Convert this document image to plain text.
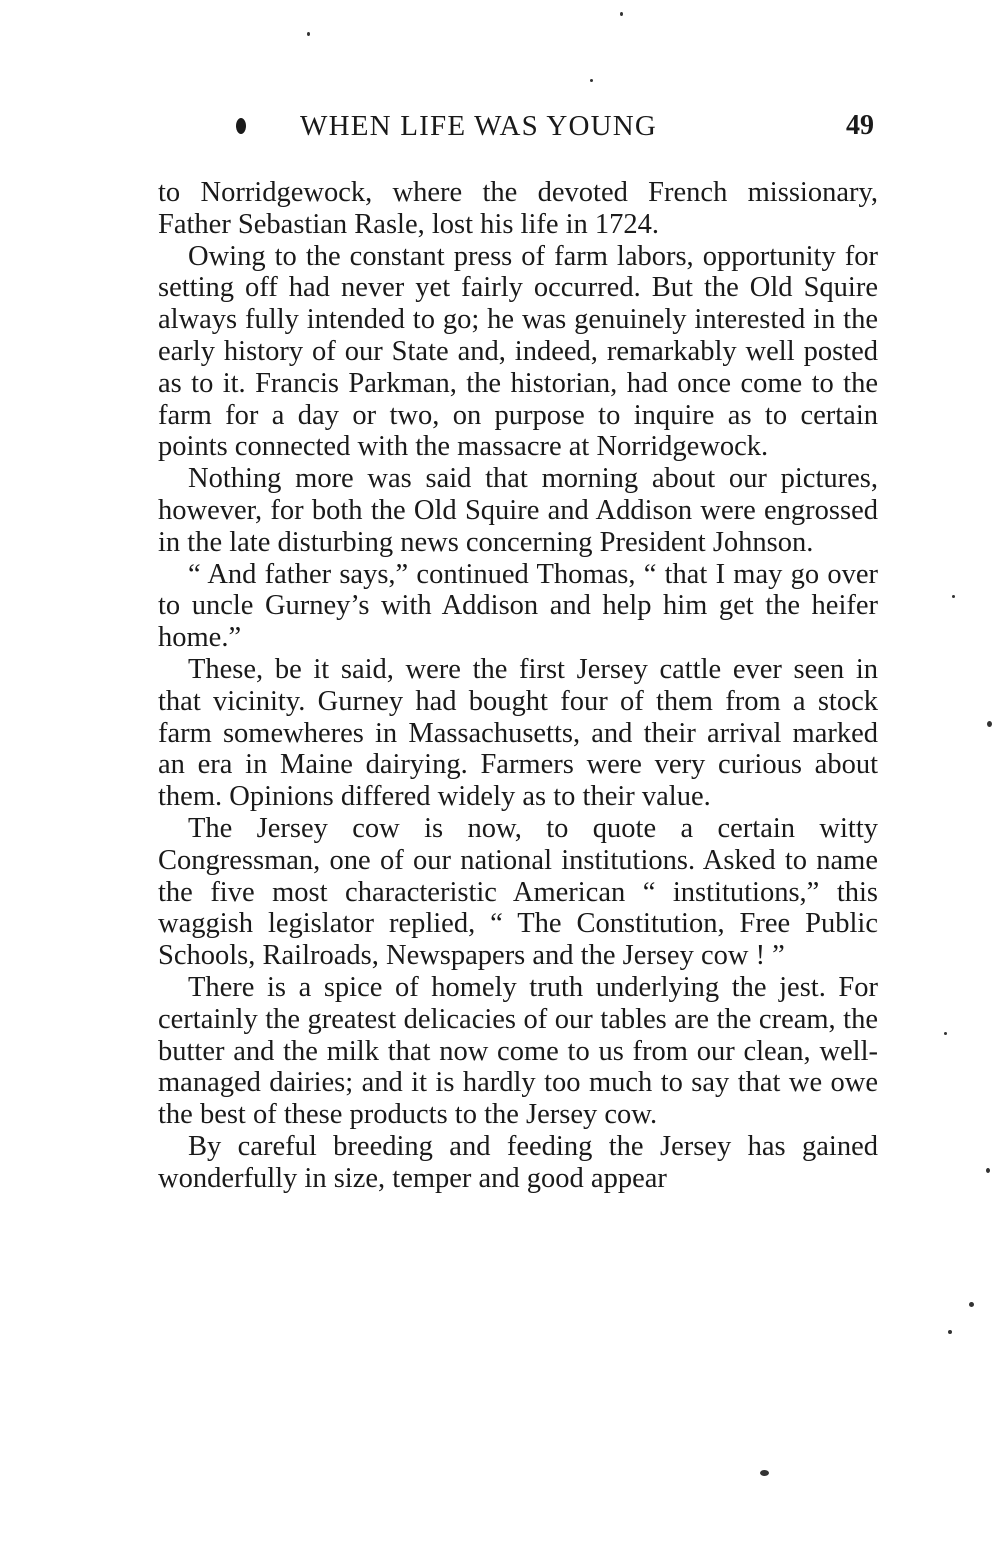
WHEN LIFE WAS YOUNG	49

to Norridgewock, where the devoted French missionary, Father Sebastian Rasle, lost his life in 1724.

Owing to the constant press of farm labors, opportunity for setting off had never yet fairly occurred. But the Old Squire always fully intended to go; he was genuinely interested in the early history of our State and, indeed, remarkably well posted as to it. Francis Parkman, the historian, had once come to the farm for a day or two, on purpose to inquire as to certain points connected with the massacre at Norridgewock.

Nothing more was said that morning about our pictures, however, for both the Old Squire and Addison were engrossed in the late disturbing news concerning President Johnson.

“ And father says,” continued Thomas, “ that I may go over to uncle Gurney’s with Addison and help him get the heifer home.”

These, be it said, were the first Jersey cattle ever seen in that vicinity. Gurney had bought four of them from a stock farm somewheres in Massachusetts, and their arrival marked an era in Maine dairying. Farmers were very curious about them. Opinions differed widely as to their value.

The Jersey cow is now, to quote a certain witty Congressman, one of our national institutions. Asked to name the five most characteristic American “ institutions,” this waggish legislator replied, “ The Constitution, Free Public Schools, Railroads, Newspapers and the Jersey cow ! ”

There is a spice of homely truth underlying the jest. For certainly the greatest delicacies of our tables are the cream, the butter and the milk that now come to us from our clean, well-managed dairies; and it is hardly too much to say that we owe the best of these products to the Jersey cow.

By careful breeding and feeding the Jersey has gained wonderfully in size, temper and good appear
